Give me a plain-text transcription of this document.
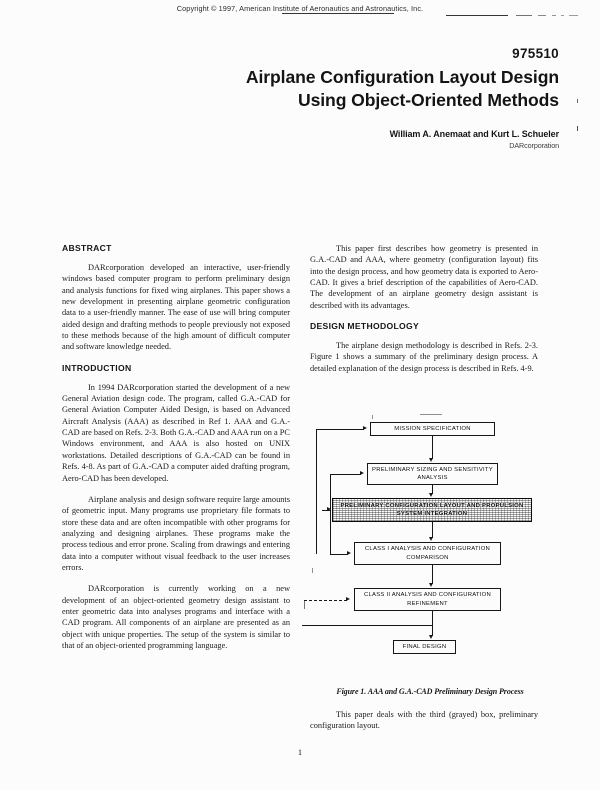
Copyright © 1997, American Institute of Aeronautics and Astronautics, Inc.
975510
Airplane Configuration Layout Design
Using Object-Oriented Methods
William A. Anemaat and Kurt L. Schueler
DARcorporation
ABSTRACT

DARcorporation developed an interactive, user-friendly windows based computer program to perform preliminary design and analysis functions for fixed wing airplanes. This paper shows a new development in presenting airplane geometric configuration data to a user-friendly manner. The ease of use will bring computer aided design and drafting methods to people previously not exposed to these methods because of the high amount of difficult computer and software knowledge needed.

INTRODUCTION

In 1994 DARcorporation started the development of a new General Aviation design code. The program, called G.A.-CAD for General Aviation Computer Aided Design, is based on Advanced Aircraft Analysis (AAA) as described in Ref 1. AAA and G.A.-CAD are based on Refs. 2-3. Both G.A.-CAD and AAA run on a PC Windows environment, and AAA is also hosted on UNIX workstations. Detailed descriptions of G.A.-CAD can be found in Refs. 4-8. As part of G.A.-CAD a computer aided drafting program, Aero-CAD has been developed.

Airplane analysis and design software require large amounts of geometric input. Many programs use proprietary file formats to store these data and are often incompatible with other programs for analyzing and designing airplanes. These programs make the process tedious and error prone. Scaling from drawings and entering data into a computer without visual feedback to the user increases errors.

DARcorporation is currently working on a new development of an object-oriented geometry design assistant to enter geometric data into analyses programs and interface with a CAD program. All components of an airplane are presented as an object with unique properties. The setup of the system is similar to that of an object-oriented programming language.

This paper first describes how geometry is presented in G.A.-CAD and AAA, where geometry (configuration layout) fits into the design process, and how geometry data is exported to Aero-CAD. It gives a brief description of the capabilities of Aero-CAD. The development of an airplane geometry design assistant is described with its advantages.

DESIGN METHODOLOGY

The airplane design methodology is described in Refs. 2-3. Figure 1 shows a summary of the preliminary design process. A detailed explanation of the design process is described in Refs. 4-9.

MISSION SPECIFICATION
PRELIMINARY SIZING AND SENSITIVITY ANALYSIS
PRELIMINARY CONFIGURATION LAYOUT AND PROPULSION SYSTEM INTEGRATION
CLASS I ANALYSIS AND CONFIGURATION COMPARISON
CLASS II ANALYSIS AND CONFIGURATION REFINEMENT
FINAL DESIGN
Figure 1. AAA and G.A.-CAD Preliminary Design Process

This paper deals with the third (grayed) box, preliminary configuration layout.

1
